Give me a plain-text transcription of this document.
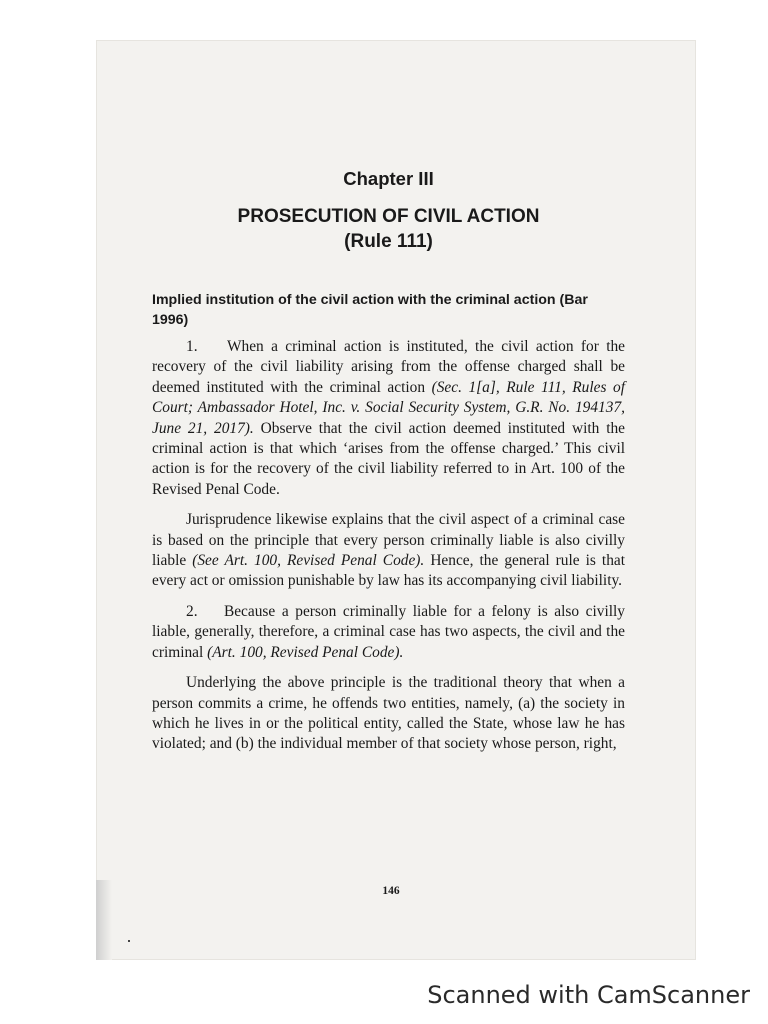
Chapter III
PROSECUTION OF CIVIL ACTION
(Rule 111)
Implied institution of the civil action with the criminal action (Bar 1996)

1. When a criminal action is instituted, the civil action for the recovery of the civil liability arising from the offense charged shall be deemed instituted with the criminal action (Sec. 1[a], Rule 111, Rules of Court; Ambassador Hotel, Inc. v. Social Security System, G.R. No. 194137, June 21, 2017). Observe that the civil action deemed instituted with the criminal action is that which ‘arises from the offense charged.’ This civil action is for the recovery of the civil liability referred to in Art. 100 of the Revised Penal Code.

Jurisprudence likewise explains that the civil aspect of a criminal case is based on the principle that every person criminally liable is also civilly liable (See Art. 100, Revised Penal Code). Hence, the general rule is that every act or omission punishable by law has its accompanying civil liability.

2. Because a person criminally liable for a felony is also civilly liable, generally, therefore, a criminal case has two aspects, the civil and the criminal (Art. 100, Revised Penal Code).

Underlying the above principle is the traditional theory that when a person commits a crime, he offends two entities, namely, (a) the society in which he lives in or the political entity, called the State, whose law he has violated; and (b) the individual member of that society whose person, right,

146
Scanned with CamScanner
